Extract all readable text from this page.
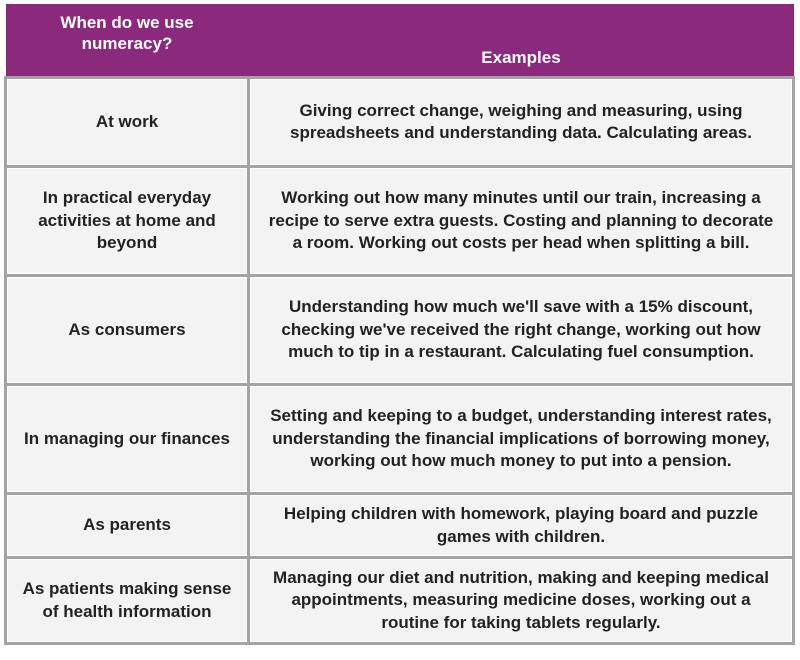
When do we use numeracy?	Examples
At work	Giving correct change, weighing and measuring, using spreadsheets and understanding data. Calculating areas.
In practical everyday activities at home and beyond	Working out how many minutes until our train, increasing a recipe to serve extra guests. Costing and planning to decorate a room. Working out costs per head when splitting a bill.
As consumers	Understanding how much we'll save with a 15% discount, checking we've received the right change, working out how much to tip in a restaurant. Calculating fuel consumption.
In managing our finances	Setting and keeping to a budget, understanding interest rates, understanding the financial implications of borrowing money, working out how much money to put into a pension.
As parents	Helping children with homework, playing board and puzzle games with children.
As patients making sense of health information	Managing our diet and nutrition, making and keeping medical appointments, measuring medicine doses, working out a routine for taking tablets regularly.
